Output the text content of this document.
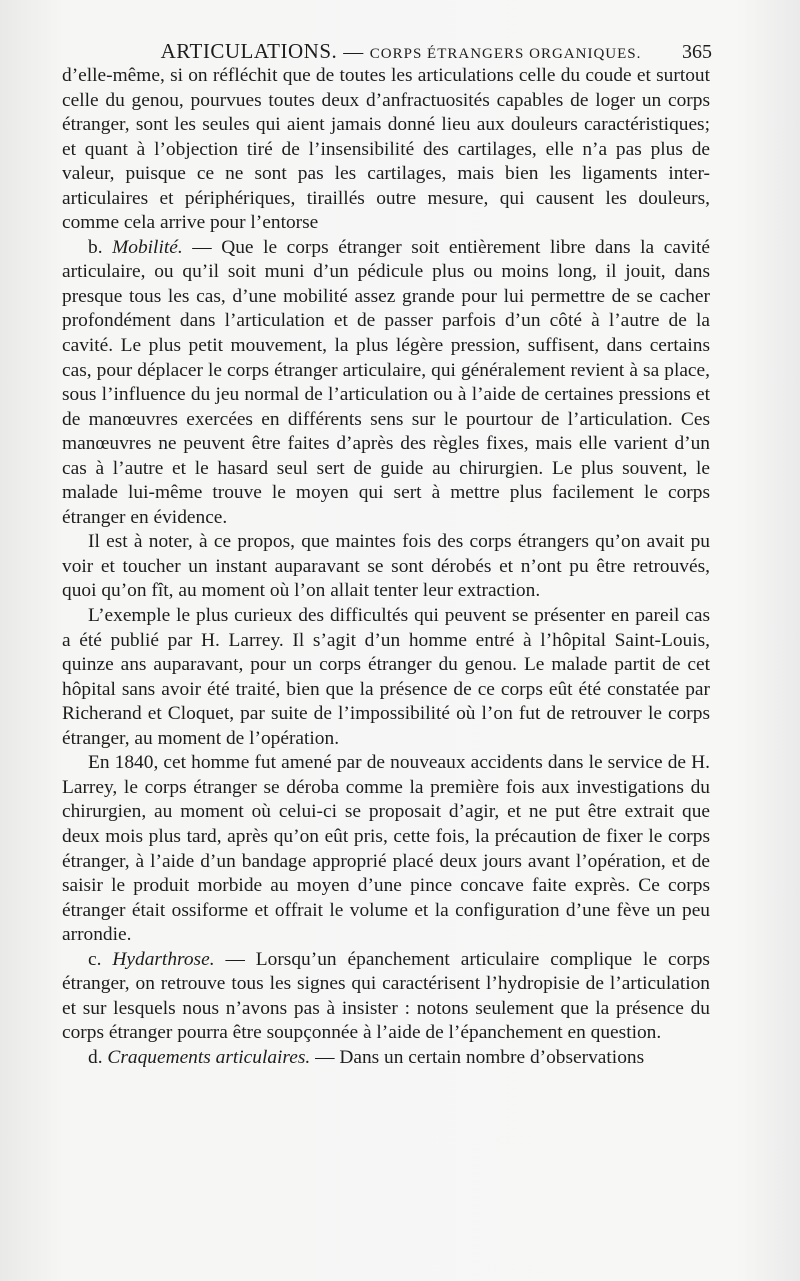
ARTICULATIONS. — CORPS ÉTRANGERS ORGANIQUES. 365

d’elle-même, si on réfléchit que de toutes les articulations celle du coude et surtout celle du genou, pourvues toutes deux d’anfractuosités capables de loger un corps étranger, sont les seules qui aient jamais donné lieu aux douleurs caractéristiques; et quant à l’objection tiré de l’insensibilité des cartilages, elle n’a pas plus de valeur, puisque ce ne sont pas les cartilages, mais bien les ligaments inter-articulaires et périphériques, tiraillés outre mesure, qui causent les douleurs, comme cela arrive pour l’entorse

b. Mobilité. — Que le corps étranger soit entièrement libre dans la cavité articulaire, ou qu’il soit muni d’un pédicule plus ou moins long, il jouit, dans presque tous les cas, d’une mobilité assez grande pour lui permettre de se cacher profondément dans l’articulation et de passer parfois d’un côté à l’autre de la cavité. Le plus petit mouvement, la plus légère pression, suffisent, dans certains cas, pour déplacer le corps étranger articulaire, qui généralement revient à sa place, sous l’influence du jeu normal de l’articulation ou à l’aide de certaines pressions et de manœuvres exercées en différents sens sur le pourtour de l’articulation. Ces manœuvres ne peuvent être faites d’après des règles fixes, mais elle varient d’un cas à l’autre et le hasard seul sert de guide au chirurgien. Le plus souvent, le malade lui-même trouve le moyen qui sert à mettre plus facilement le corps étranger en évidence.

Il est à noter, à ce propos, que maintes fois des corps étrangers qu’on avait pu voir et toucher un instant auparavant se sont dérobés et n’ont pu être retrouvés, quoi qu’on fît, au moment où l’on allait tenter leur extraction.

L’exemple le plus curieux des difficultés qui peuvent se présenter en pareil cas a été publié par H. Larrey. Il s’agit d’un homme entré à l’hôpital Saint-Louis, quinze ans auparavant, pour un corps étranger du genou. Le malade partit de cet hôpital sans avoir été traité, bien que la présence de ce corps eût été constatée par Richerand et Cloquet, par suite de l’impossibilité où l’on fut de retrouver le corps étranger, au moment de l’opération.

En 1840, cet homme fut amené par de nouveaux accidents dans le service de H. Larrey, le corps étranger se déroba comme la première fois aux investigations du chirurgien, au moment où celui-ci se proposait d’agir, et ne put être extrait que deux mois plus tard, après qu’on eût pris, cette fois, la précaution de fixer le corps étranger, à l’aide d’un bandage approprié placé deux jours avant l’opération, et de saisir le produit morbide au moyen d’une pince concave faite exprès. Ce corps étranger était ossiforme et offrait le volume et la configuration d’une fève un peu arrondie.

c. Hydarthrose. — Lorsqu’un épanchement articulaire complique le corps étranger, on retrouve tous les signes qui caractérisent l’hydropisie de l’articulation et sur lesquels nous n’avons pas à insister : notons seulement que la présence du corps étranger pourra être soupçonnée à l’aide de l’épanchement en question.

d. Craquements articulaires. — Dans un certain nombre d’observations
